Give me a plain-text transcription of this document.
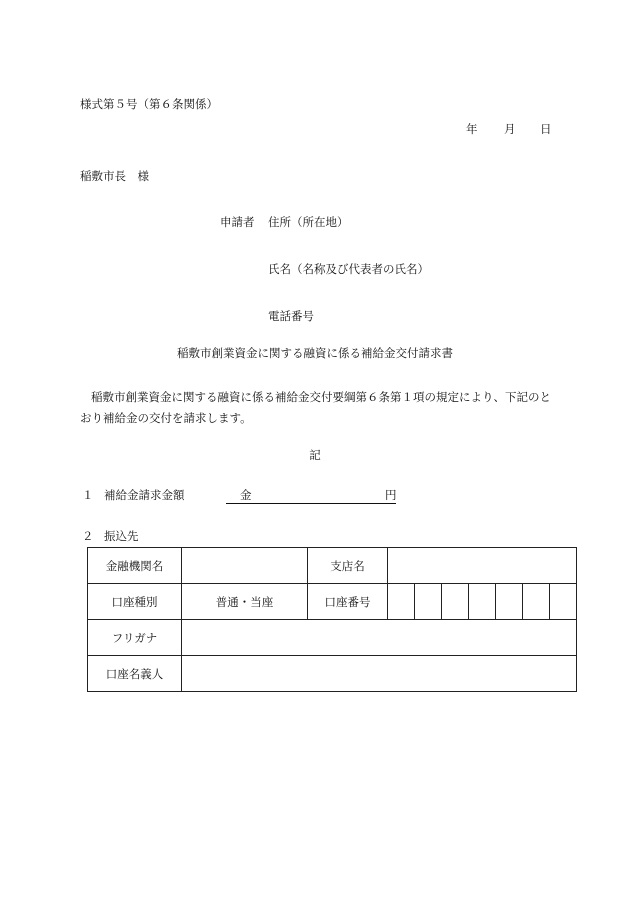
様式第５号（第６条関係）
年 月 日
稲敷市長　様
申請者 住所（所在地）
氏名（名称及び代表者の氏名）
電話番号
稲敷市創業資金に関する融資に係る補給金交付請求書
稲敷市創業資金に関する融資に係る補給金交付要綱第６条第１項の規定により、下記のとおり補給金の交付を請求します。
記
１ 補給金請求金額	金	円
２ 振込先
金融機関名		支店名							
口座種別	普通・当座	口座番号							
フリガナ									
口座名義人									
